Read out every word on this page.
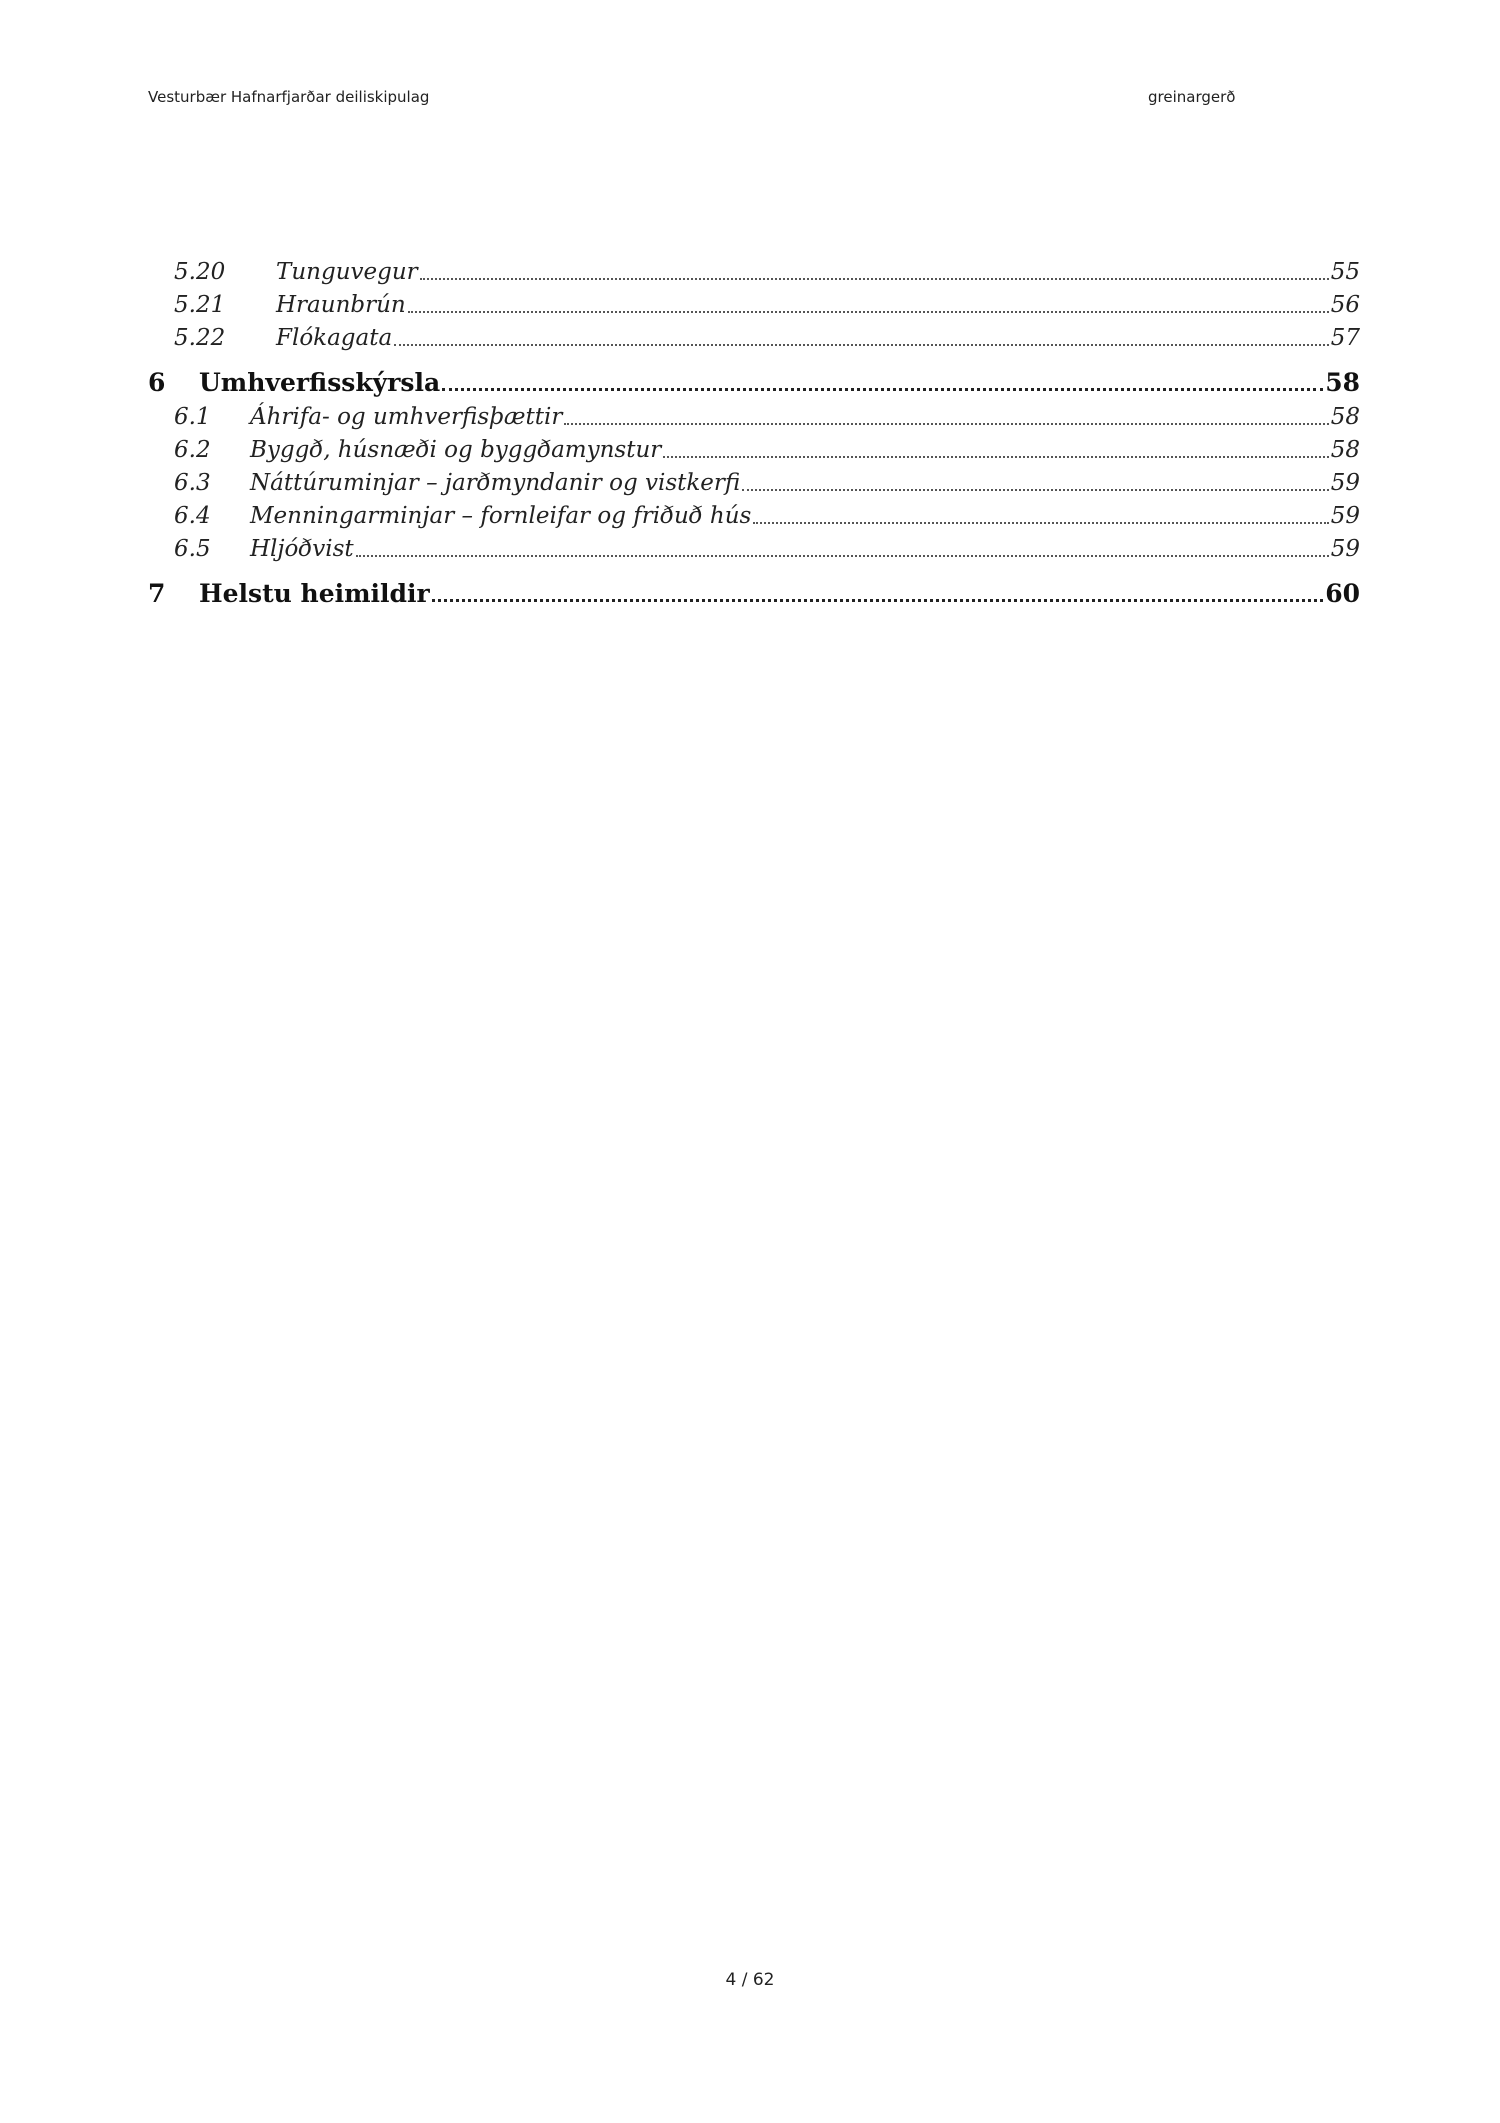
Vesturbær Hafnarfjarðar deiliskipulag	greinargerð
5.20	Tunguvegur	55
5.21	Hraunbrún	56
5.22	Flókagata	57
6	Umhverfisskýrsla	58
6.1	Áhrifa- og umhverfisþættir	58
6.2	Byggð, húsnæði og byggðamynstur	58
6.3	Náttúruminjar – jarðmyndanir og vistkerfi	59
6.4	Menningarminjar – fornleifar og friðuð hús	59
6.5	Hljóðvist	59
7	Helstu heimildir	60
4 / 62
